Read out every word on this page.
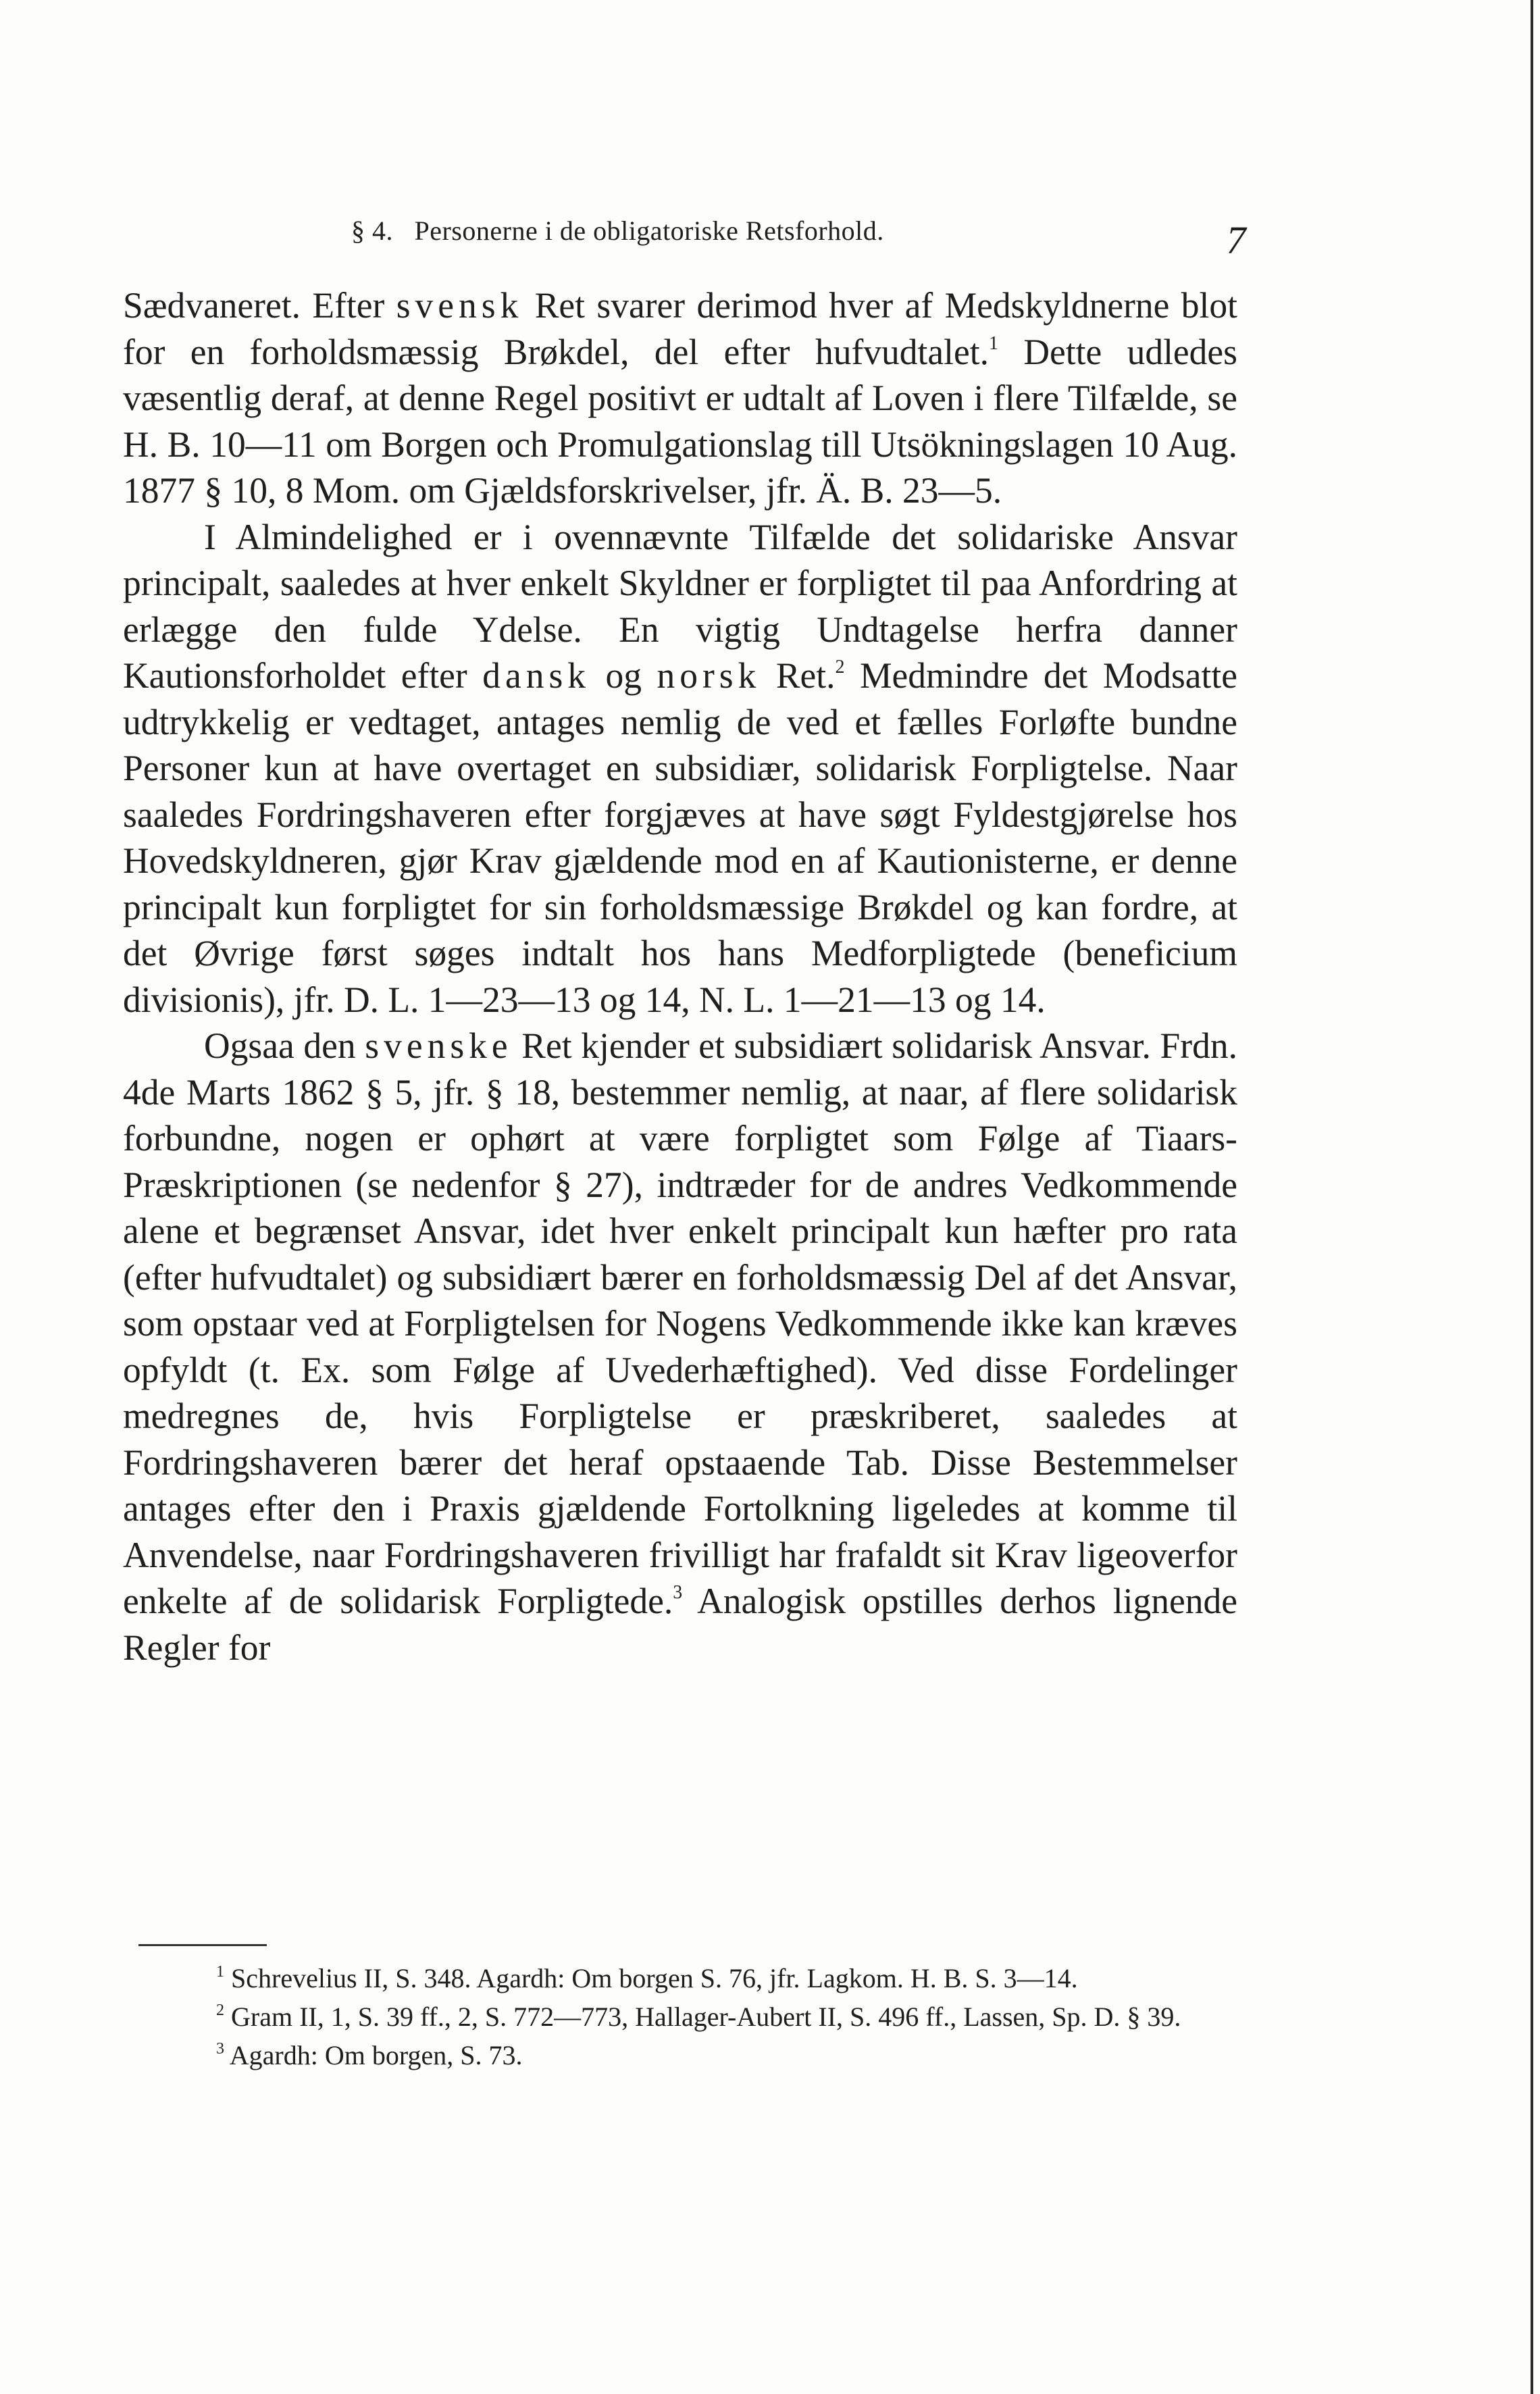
§ 4. Personerne i de obligatoriske Retsforhold.	7

Sædvaneret. Efter svensk Ret svarer derimod hver af Medskyldnerne blot for en forholdsmæssig Brøkdel, del efter hufvudtalet.$^1$ Dette udledes væsentlig deraf, at denne Regel positivt er udtalt af Loven i flere Tilfælde, se H. B. 10—11 om Borgen och Promulgationslag till Utsökningslagen 10 Aug. 1877 § 10, 8 Mom. om Gjældsforskrivelser, jfr. Ä. B. 23—5.

I Almindelighed er i ovennævnte Tilfælde det solidariske Ansvar principalt, saaledes at hver enkelt Skyldner er forpligtet til paa Anfordring at erlægge den fulde Ydelse. En vigtig Undtagelse herfra danner Kautionsforholdet efter dansk og norsk Ret.$^2$ Medmindre det Modsatte udtrykkelig er vedtaget, antages nemlig de ved et fælles Forløfte bundne Personer kun at have overtaget en subsidiær, solidarisk Forpligtelse. Naar saaledes Fordringshaveren efter forgjæves at have søgt Fyldestgjørelse hos Hovedskyldneren, gjør Krav gjældende mod en af Kautionisterne, er denne principalt kun forpligtet for sin forholdsmæssige Brøkdel og kan fordre, at det Øvrige først søges indtalt hos hans Medforpligtede (beneficium divisionis), jfr. D. L. 1—23—13 og 14, N. L. 1—21—13 og 14.

Ogsaa den svenske Ret kjender et subsidiært solidarisk Ansvar. Frdn. 4de Marts 1862 § 5, jfr. § 18, bestemmer nemlig, at naar, af flere solidarisk forbundne, nogen er ophørt at være forpligtet som Følge af Tiaars-Præskriptionen (se nedenfor § 27), indtræder for de andres Vedkommende alene et begrænset Ansvar, idet hver enkelt principalt kun hæfter pro rata (efter hufvudtalet) og subsidiært bærer en forholdsmæssig Del af det Ansvar, som opstaar ved at Forpligtelsen for Nogens Vedkommende ikke kan kræves opfyldt (t. Ex. som Følge af Uvederhæftighed). Ved disse Fordelinger medregnes de, hvis Forpligtelse er præskriberet, saaledes at Fordringshaveren bærer det heraf opstaaende Tab. Disse Bestemmelser antages efter den i Praxis gjældende Fortolkning ligeledes at komme til Anvendelse, naar Fordringshaveren frivilligt har frafaldt sit Krav ligeoverfor enkelte af de solidarisk Forpligtede.$^3$ Analogisk opstilles derhos lignende Regler for

$^1$ Schrevelius II, S. 348. Agardh: Om borgen S. 76, jfr. Lagkom. H. B. S. 3—14.

$^2$ Gram II, 1, S. 39 ff., 2, S. 772—773, Hallager-Aubert II, S. 496 ff., Lassen, Sp. D. § 39.

$^3$ Agardh: Om borgen, S. 73.
